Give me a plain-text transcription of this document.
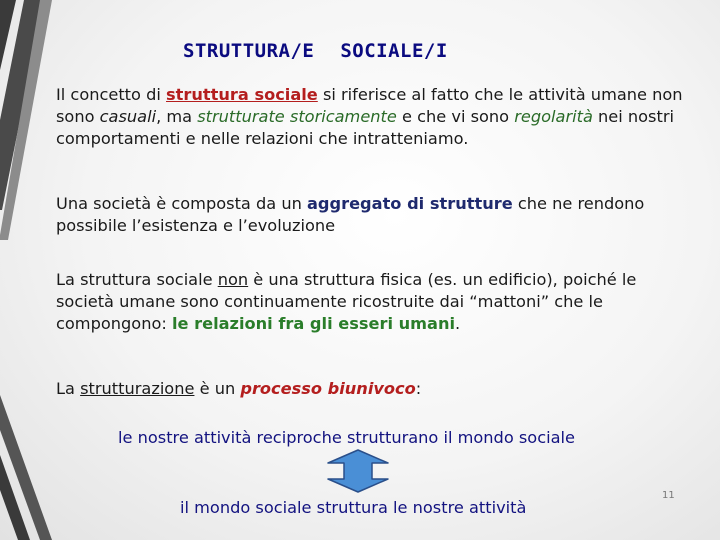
STRUTTURA/E SOCIALE/I
Il concetto di struttura sociale si riferisce al fatto che le attività umane non sono casuali, ma strutturate storicamente e che vi sono regolarità nei nostri comportamenti e nelle relazioni che intratteniamo.
Una società è composta da un aggregato di strutture che ne rendono possibile l’esistenza e l’evoluzione
La struttura sociale non è una struttura fisica (es. un edificio), poiché le società umane sono continuamente ricostruite dai “mattoni” che le compongono: le relazioni fra gli esseri umani.
La strutturazione è un processo biunivoco:
le nostre attività reciproche strutturano il mondo sociale
il mondo sociale struttura le nostre attività
11
